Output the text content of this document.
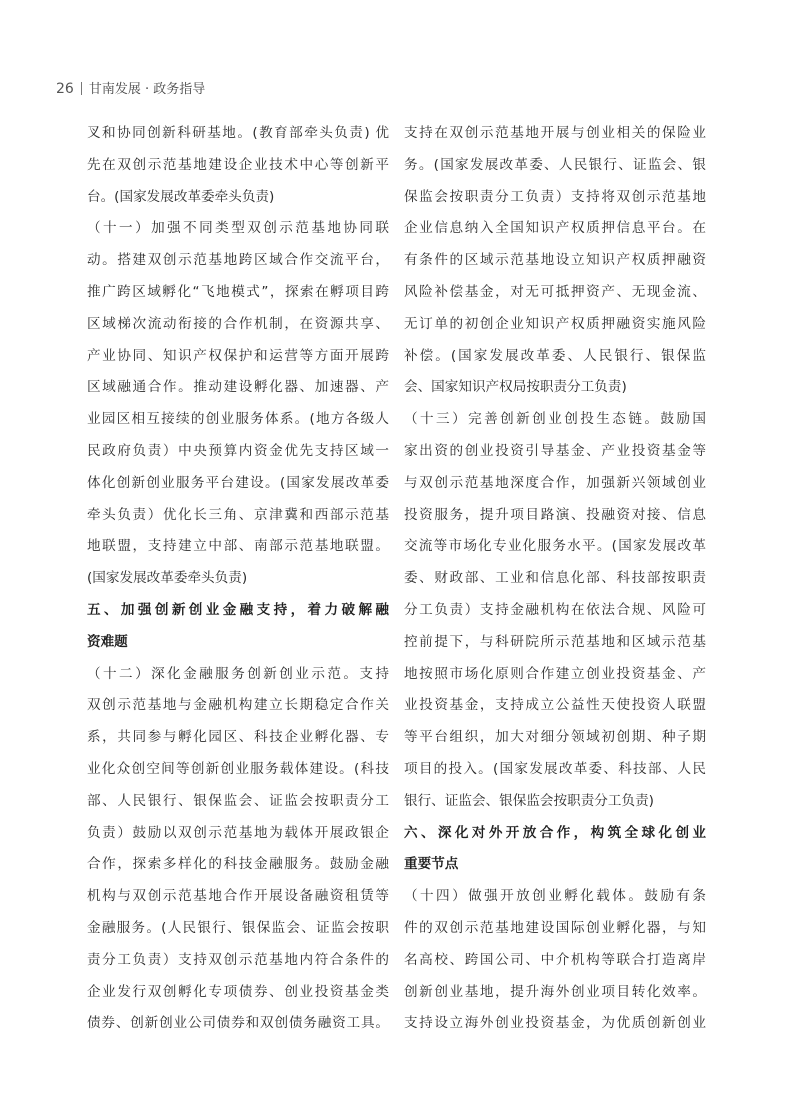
26 甘南发展 · 政务指导
叉和协同创新科研基地。(教育部牵头负责) 优
先在双创示范基地建设企业技术中心等创新平
台。(国家发展改革委牵头负责)
（十一）加强不同类型双创示范基地协同联
动。搭建双创示范基地跨区域合作交流平台，
推广跨区域孵化“飞地模式”，探索在孵项目跨
区域梯次流动衔接的合作机制，在资源共享、
产业协同、知识产权保护和运营等方面开展跨
区域融通合作。推动建设孵化器、加速器、产
业园区相互接续的创业服务体系。(地方各级人
民政府负责）中央预算内资金优先支持区域一
体化创新创业服务平台建设。(国家发展改革委
牵头负责）优化长三角、京津冀和西部示范基
地联盟，支持建立中部、南部示范基地联盟。
(国家发展改革委牵头负责)
五、加强创新创业金融支持，着力破解融
资难题
（十二）深化金融服务创新创业示范。支持
双创示范基地与金融机构建立长期稳定合作关
系，共同参与孵化园区、科技企业孵化器、专
业化众创空间等创新创业服务载体建设。(科技
部、人民银行、银保监会、证监会按职责分工
负责）鼓励以双创示范基地为载体开展政银企
合作，探索多样化的科技金融服务。鼓励金融
机构与双创示范基地合作开展设备融资租赁等
金融服务。(人民银行、银保监会、证监会按职
责分工负责）支持双创示范基地内符合条件的
企业发行双创孵化专项债券、创业投资基金类
债券、创新创业公司债券和双创债务融资工具。
支持在双创示范基地开展与创业相关的保险业
务。(国家发展改革委、人民银行、证监会、银
保监会按职责分工负责）支持将双创示范基地
企业信息纳入全国知识产权质押信息平台。在
有条件的区域示范基地设立知识产权质押融资
风险补偿基金，对无可抵押资产、无现金流、
无订单的初创企业知识产权质押融资实施风险
补偿。(国家发展改革委、人民银行、银保监
会、国家知识产权局按职责分工负责)
（十三）完善创新创业创投生态链。鼓励国
家出资的创业投资引导基金、产业投资基金等
与双创示范基地深度合作，加强新兴领域创业
投资服务，提升项目路演、投融资对接、信息
交流等市场化专业化服务水平。(国家发展改革
委、财政部、工业和信息化部、科技部按职责
分工负责）支持金融机构在依法合规、风险可
控前提下，与科研院所示范基地和区域示范基
地按照市场化原则合作建立创业投资基金、产
业投资基金，支持成立公益性天使投资人联盟
等平台组织，加大对细分领域初创期、种子期
项目的投入。(国家发展改革委、科技部、人民
银行、证监会、银保监会按职责分工负责)
六、深化对外开放合作，构筑全球化创业
重要节点
（十四）做强开放创业孵化载体。鼓励有条
件的双创示范基地建设国际创业孵化器，与知
名高校、跨国公司、中介机构等联合打造离岸
创新创业基地，提升海外创业项目转化效率。
支持设立海外创业投资基金，为优质创新创业
